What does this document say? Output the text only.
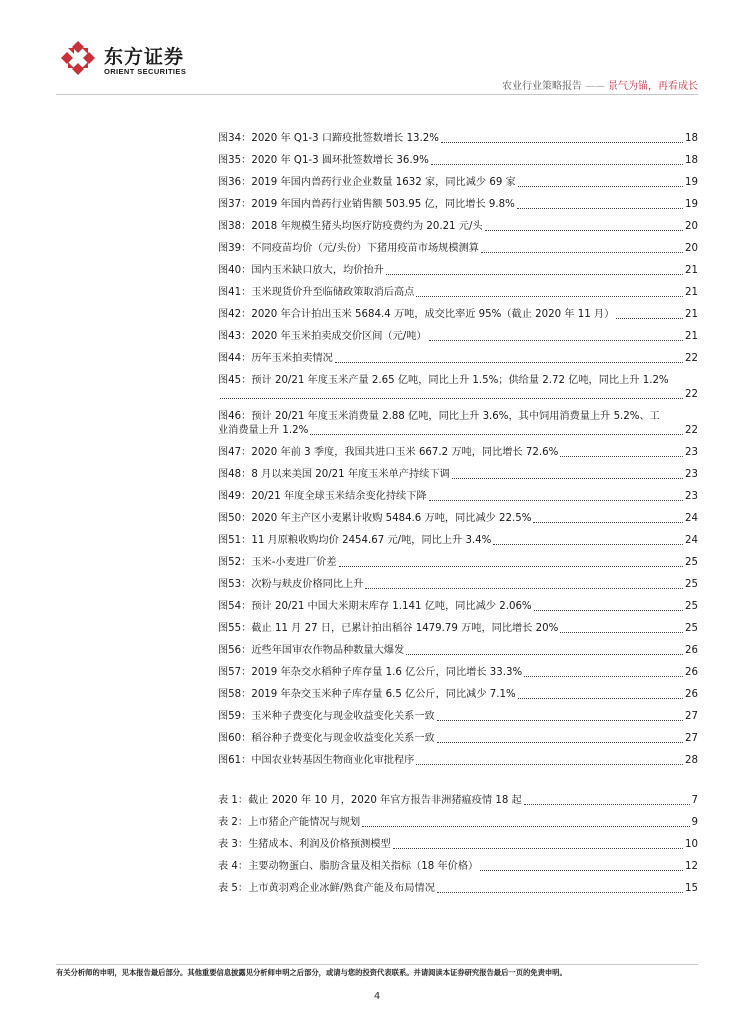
东方证券
ORIENT SECURITIES
农业行业策略报告 —— 景气为锚，再看成长
图34：2020 年 Q1-3 口蹄疫批签数增长 13.2%	18
图35：2020 年 Q1-3 圆环批签数增长 36.9%	18
图36：2019 年国内兽药行业企业数量 1632 家，同比减少 69 家	19
图37：2019 年国内兽药行业销售额 503.95 亿，同比增长 9.8%	19
图38：2018 年规模生猪头均医疗防疫费约为 20.21 元/头	20
图39：不同疫苗均价（元/头份）下猪用疫苗市场规模测算	20
图40：国内玉米缺口放大，均价抬升	21
图41：玉米现货价升至临储政策取消后高点	21
图42：2020 年合计拍出玉米 5684.4 万吨，成交比率近 95%（截止 2020 年 11 月）	21
图43：2020 年玉米拍卖成交价区间（元/吨）	21
图44：历年玉米拍卖情况	22
图45：预计 20/21 年度玉米产量 2.65 亿吨，同比上升 1.5%；供给量 2.72 亿吨，同比上升 1.2%
22
图46：预计 20/21 年度玉米消费量 2.88 亿吨，同比上升 3.6%，其中饲用消费量上升 5.2%、工
业消费量上升 1.2%	22
图47：2020 年前 3 季度，我国共进口玉米 667.2 万吨，同比增长 72.6%	23
图48：8 月以来美国 20/21 年度玉米单产持续下调	23
图49：20/21 年度全球玉米结余变化持续下降	23
图50：2020 年主产区小麦累计收购 5484.6 万吨，同比减少 22.5%	24
图51：11 月原粮收购均价 2454.67 元/吨，同比上升 3.4%	24
图52：玉米-小麦进厂价差	25
图53：次粉与麸皮价格同比上升	25
图54：预计 20/21 中国大米期末库存 1.141 亿吨，同比减少 2.06%	25
图55：截止 11 月 27 日，已累计拍出稻谷 1479.79 万吨，同比增长 20%	25
图56：近些年国审农作物品种数量大爆发	26
图57：2019 年杂交水稻种子库存量 1.6 亿公斤，同比增长 33.3%	26
图58：2019 年杂交玉米种子库存量 6.5 亿公斤，同比减少 7.1%	26
图59：玉米种子费变化与现金收益变化关系一致	27
图60：稻谷种子费变化与现金收益变化关系一致	27
图61：中国农业转基因生物商业化审批程序	28
表 1：截止 2020 年 10 月，2020 年官方报告非洲猪瘟疫情 18 起	7
表 2：上市猪企产能情况与规划	9
表 3：生猪成本、利润及价格预测模型	10
表 4：主要动物蛋白、脂肪含量及相关指标（18 年价格）	12
表 5：上市黄羽鸡企业冰鲜/熟食产能及布局情况	15
有关分析师的申明，见本报告最后部分。其他重要信息披露见分析师申明之后部分，或请与您的投资代表联系。并请阅读本证券研究报告最后一页的免责申明。
4
